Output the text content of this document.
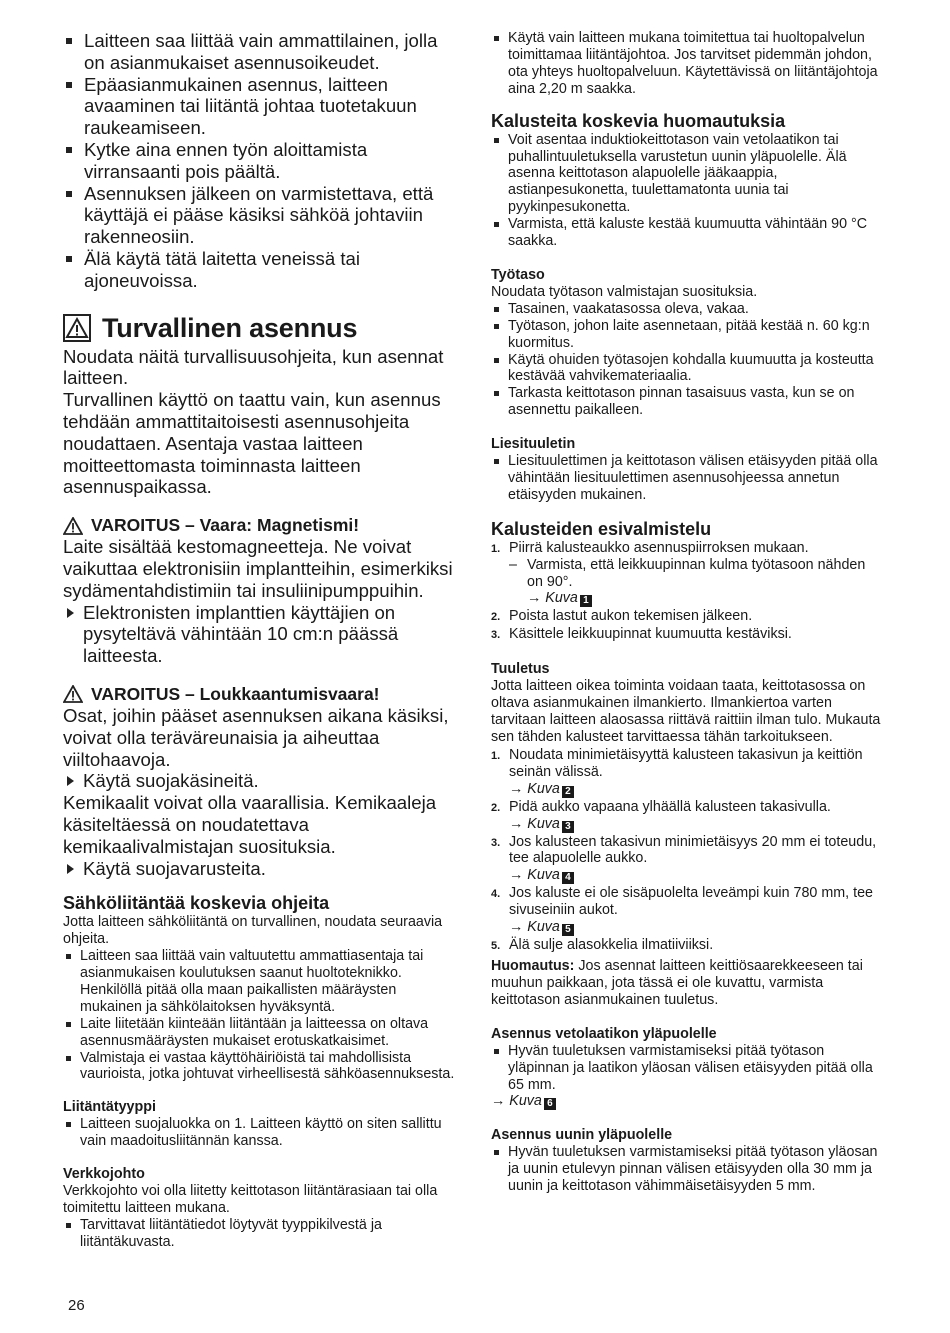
Laitteen saa liittää vain ammattilainen, jolla on asianmukaiset asennusoikeudet.
Epäasianmukainen asennus, laitteen avaaminen tai liitäntä johtaa tuotetakuun raukeamiseen.
Kytke aina ennen työn aloittamista virransaanti pois päältä.
Asennuksen jälkeen on varmistettava, että käyttäjä ei pääse käsiksi sähköä johtaviin rakenneosiin.
Älä käytä tätä laitetta veneissä tai ajoneuvoissa.
Turvallinen asennus

Noudata näitä turvallisuusohjeita, kun asennat laitteen.

Turvallinen käyttö on taattu vain, kun asennus tehdään ammattitaitoisesti asennusohjeita noudattaen. Asentaja vastaa laitteen moitteettomasta toiminnasta laitteen asennuspaikassa.

VAROITUS – Vaara: Magnetismi!

Laite sisältää kestomagneetteja. Ne voivat vaikuttaa elektronisiin implantteihin, esimerkiksi sydämentahdistimiin tai insuliinipumppuihin.

Elektronisten implanttien käyttäjien on pysyteltävä vähintään 10 cm:n päässä laitteesta.
VAROITUS – Loukkaantumisvaara!

Osat, joihin pääset asennuksen aikana käsiksi, voivat olla teräväreunaisia ja aiheuttaa viiltohaavoja.

Käytä suojakäsineitä.

Kemikaalit voivat olla vaarallisia. Kemikaaleja käsiteltäessä on noudatettava kemikaalivalmistajan suosituksia.

Käytä suojavarusteita.
Sähköliitäntää koskevia ohjeita

Jotta laitteen sähköliitäntä on turvallinen, noudata seuraavia ohjeita.

Laitteen saa liittää vain valtuutettu ammattiasentaja tai asianmukaisen koulutuksen saanut huoltoteknikko. Henkilöllä pitää olla maan paikallisten määräysten mukainen ja sähkölaitoksen hyväksyntä.
Laite liitetään kiinteään liitäntään ja laitteessa on oltava asennusmääräysten mukaiset erotuskatkaisimet.
Valmistaja ei vastaa käyttöhäiriöistä tai mahdollisista vaurioista, jotka johtuvat virheellisestä sähköasennuksesta.
Liitäntätyyppi
Laitteen suojaluokka on 1. Laitteen käyttö on siten sallittu vain maadoitusliitännän kanssa.
Verkkojohto

Verkkojohto voi olla liitetty keittotason liitäntärasiaan tai olla toimitettu laitteen mukana.

Tarvittavat liitäntätiedot löytyvät tyyppikilvestä ja liitäntäkuvasta.
Käytä vain laitteen mukana toimitettua tai huoltopalvelun toimittamaa liitäntäjohtoa. Jos tarvitset pidemmän johdon, ota yhteys huoltopalveluun. Käytettävissä on liitäntäjohtoja aina 2,20 m saakka.
Kalusteita koskevia huomautuksia
Voit asentaa induktiokeittotason vain vetolaatikon tai puhallintuuletuksella varustetun uunin yläpuolelle. Älä asenna keittotason alapuolelle jääkaappia, astianpesukonetta, tuulettamatonta uunia tai pyykinpesukonetta.
Varmista, että kaluste kestää kuumuutta vähintään 90 °C saakka.
Työtaso

Noudata työtason valmistajan suosituksia.

Tasainen, vaakatasossa oleva, vakaa.
Työtason, johon laite asennetaan, pitää kestää n. 60 kg:n kuormitus.
Käytä ohuiden työtasojen kohdalla kuumuutta ja kosteutta kestävää vahvikemateriaalia.
Tarkasta keittotason pinnan tasaisuus vasta, kun se on asennettu paikalleen.
Liesituuletin
Liesituulettimen ja keittotason välisen etäisyyden pitää olla vähintään liesituulettimen asennusohjeessa annetun etäisyyden mukainen.
Kalusteiden esivalmistelu
1. Piirrä kalusteaukko asennuspiirroksen mukaan.
– Varmista, että leikkuupinnan kulma työtasoon nähden on 90°.
→ Kuva 1
2. Poista lastut aukon tekemisen jälkeen.
3. Käsittele leikkuupinnat kuumuutta kestäviksi.
Tuuletus

Jotta laitteen oikea toiminta voidaan taata, keittotasossa on oltava asianmukainen ilmankierto. Ilmankiertoa varten tarvitaan laitteen alaosassa riittävä raittiin ilman tulo. Mukauta sen tähden kalusteet tarvittaessa tähän tarkoitukseen.

1. Noudata minimietäisyyttä kalusteen takasivun ja keittiön seinän välissä.
→ Kuva 2
2. Pidä aukko vapaana ylhäällä kalusteen takasivulla.
→ Kuva 3
3. Jos kalusteen takasivun minimietäisyys 20 mm ei toteudu, tee alapuolelle aukko.
→ Kuva 4
4. Jos kaluste ei ole sisäpuolelta leveämpi kuin 780 mm, tee sivuseiniin aukot.
→ Kuva 5
5. Älä sulje alasokkelia ilmatiiviiksi.

Huomautus: Jos asennat laitteen keittiösaarekkeeseen tai muuhun paikkaan, jota tässä ei ole kuvattu, varmista keittotason asianmukainen tuuletus.

Asennus vetolaatikon yläpuolelle
Hyvän tuuletuksen varmistamiseksi pitää työtason yläpinnan ja laatikon yläosan välisen etäisyyden pitää olla 65 mm.
→ Kuva 6
Asennus uunin yläpuolelle
Hyvän tuuletuksen varmistamiseksi pitää työtason yläosan ja uunin etulevyn pinnan välisen etäisyyden olla 30 mm ja uunin ja keittotason vähimmäisetäisyyden 5 mm.
26
